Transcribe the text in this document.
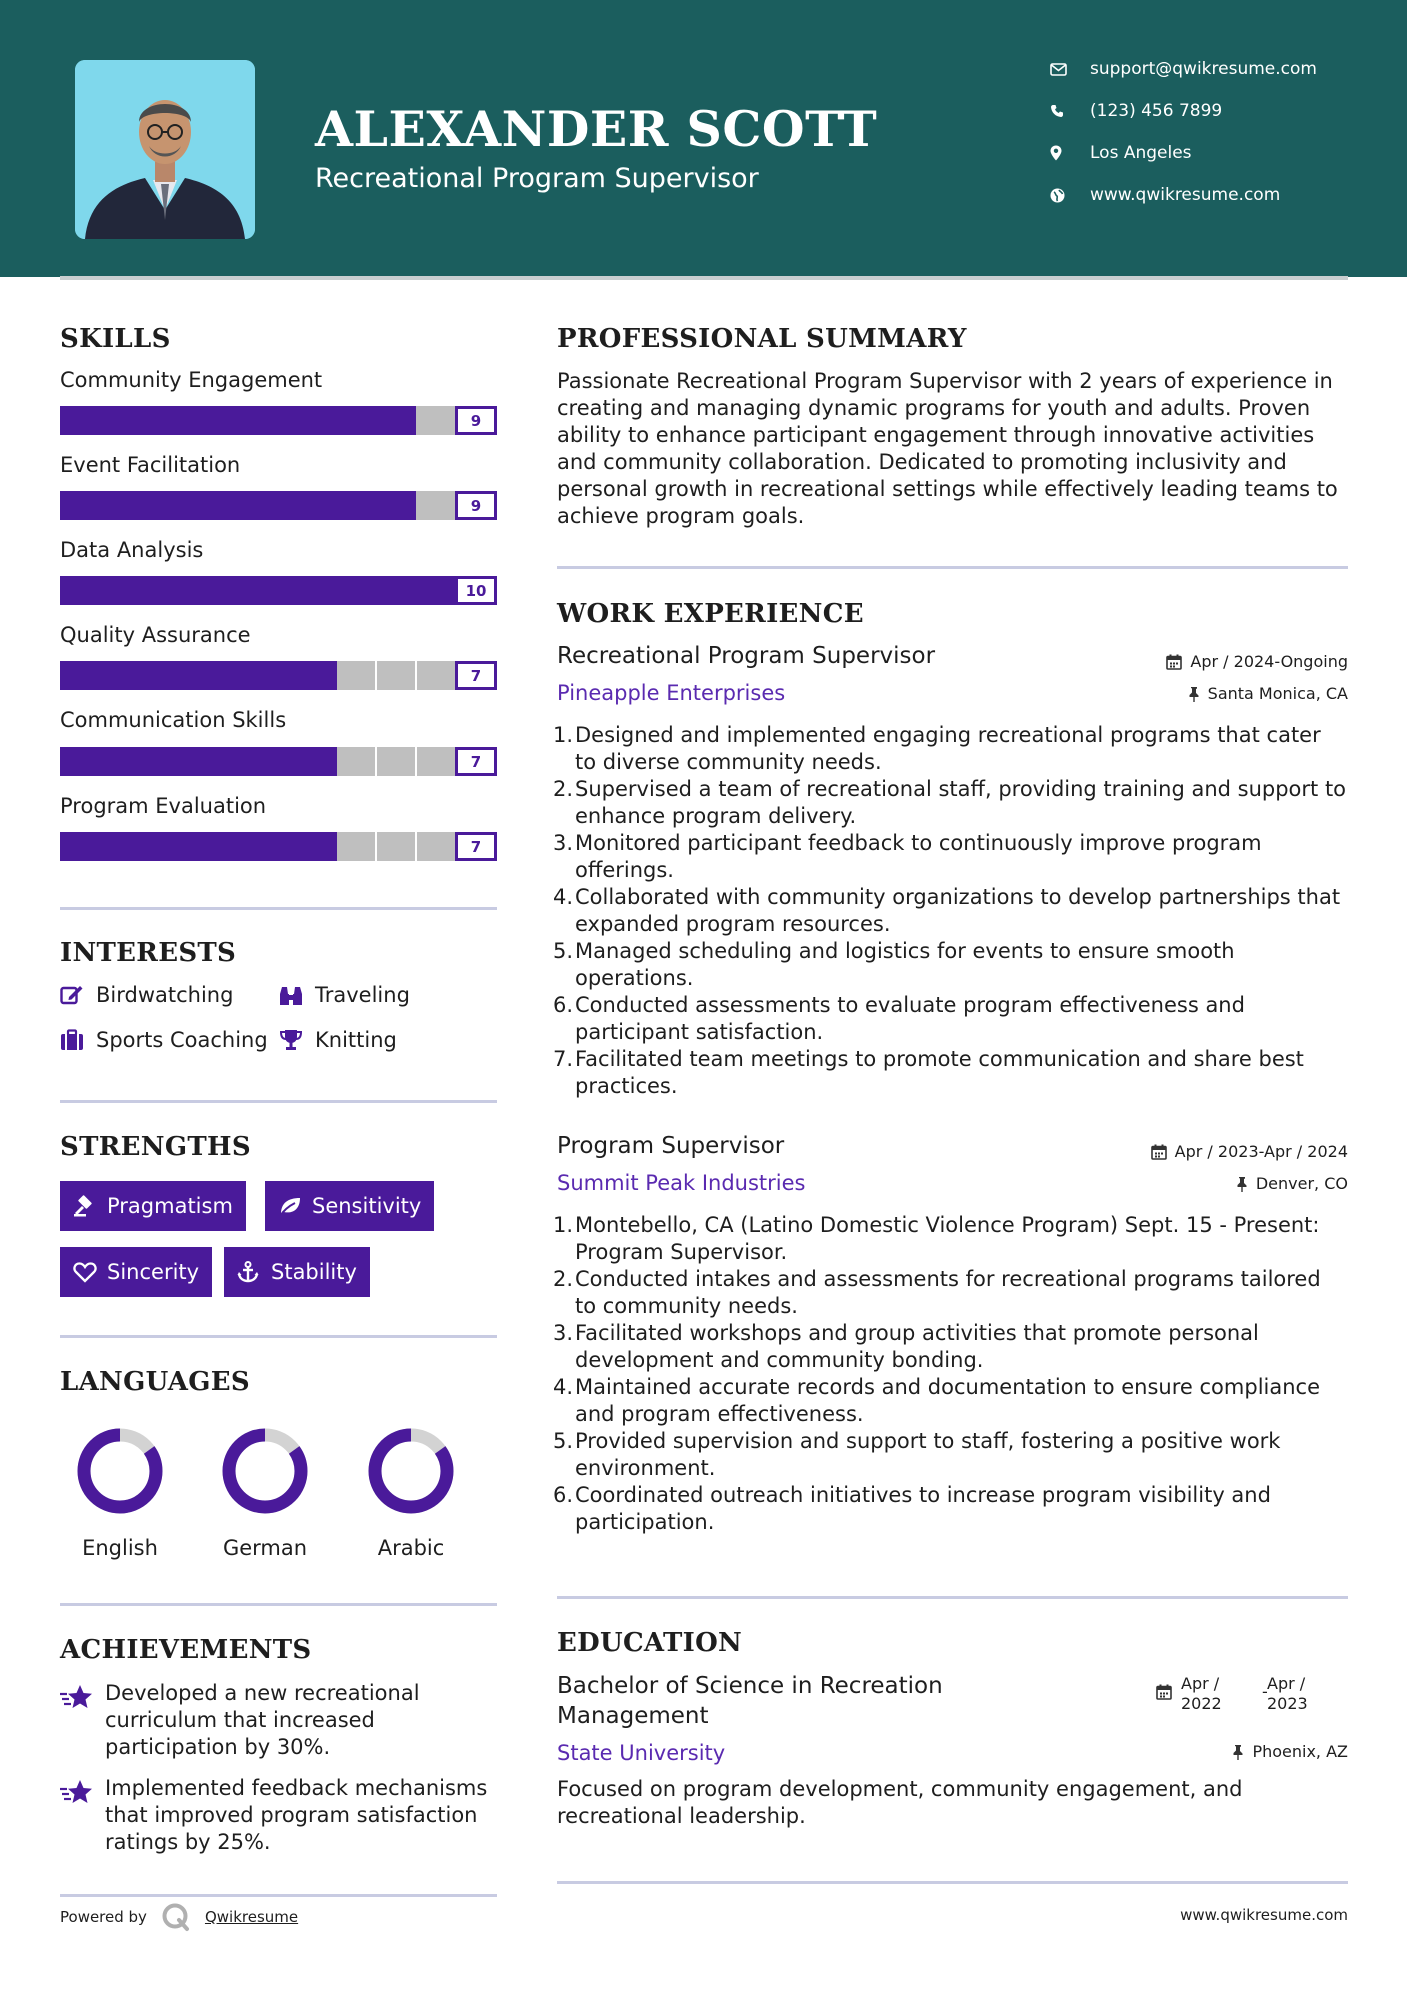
ALEXANDER SCOTT
Recreational Program Supervisor
support@qwikresume.com
(123) 456 7899
Los Angeles
www.qwikresume.com
SKILLS
Community Engagement
9
Event Facilitation
9
Data Analysis
10
Quality Assurance
7
Communication Skills
7
Program Evaluation
7
INTERESTS
Birdwatching	Traveling
Sports Coaching Knitting
STRENGTHS
Pragmatism	Sensitivity
Sincerity	Stability
LANGUAGES
English	German	Arabic
ACHIEVEMENTS
Developed a new recreational curriculum that increased participation by 30%.
Implemented feedback mechanisms that improved program satisfaction ratings by 25%.
PROFESSIONAL SUMMARY
Passionate Recreational Program Supervisor with 2 years of experience in creating and managing dynamic programs for youth and adults. Proven ability to enhance participant engagement through innovative activities and community collaboration. Dedicated to promoting inclusivity and personal growth in recreational settings while effectively leading teams to achieve program goals.
WORK EXPERIENCE
Recreational Program Supervisor	Apr / 2024-Ongoing
Pineapple Enterprises	Santa Monica, CA
1. Designed and implemented engaging recreational programs that cater to diverse community needs.
2. Supervised a team of recreational staff, providing training and support to enhance program delivery.
3. Monitored participant feedback to continuously improve program offerings.
4. Collaborated with community organizations to develop partnerships that expanded program resources.
5. Managed scheduling and logistics for events to ensure smooth operations.
6. Conducted assessments to evaluate program effectiveness and participant satisfaction.
7. Facilitated team meetings to promote communication and share best practices.
Program Supervisor	Apr / 2023-Apr / 2024
Summit Peak Industries	Denver, CO
1. Montebello, CA (Latino Domestic Violence Program) Sept. 15 - Present: Program Supervisor.
2. Conducted intakes and assessments for recreational programs tailored to community needs.
3. Facilitated workshops and group activities that promote personal development and community bonding.
4. Maintained accurate records and documentation to ensure compliance and program effectiveness.
5. Provided supervision and support to staff, fostering a positive work environment.
6. Coordinated outreach initiatives to increase program visibility and participation.
EDUCATION
Bachelor of Science in Recreation Management
Apr / 2022
- Apr / 2023
State University	Phoenix, AZ
Focused on program development, community engagement, and recreational leadership.
Powered by	Qwikresume	www.qwikresume.com
